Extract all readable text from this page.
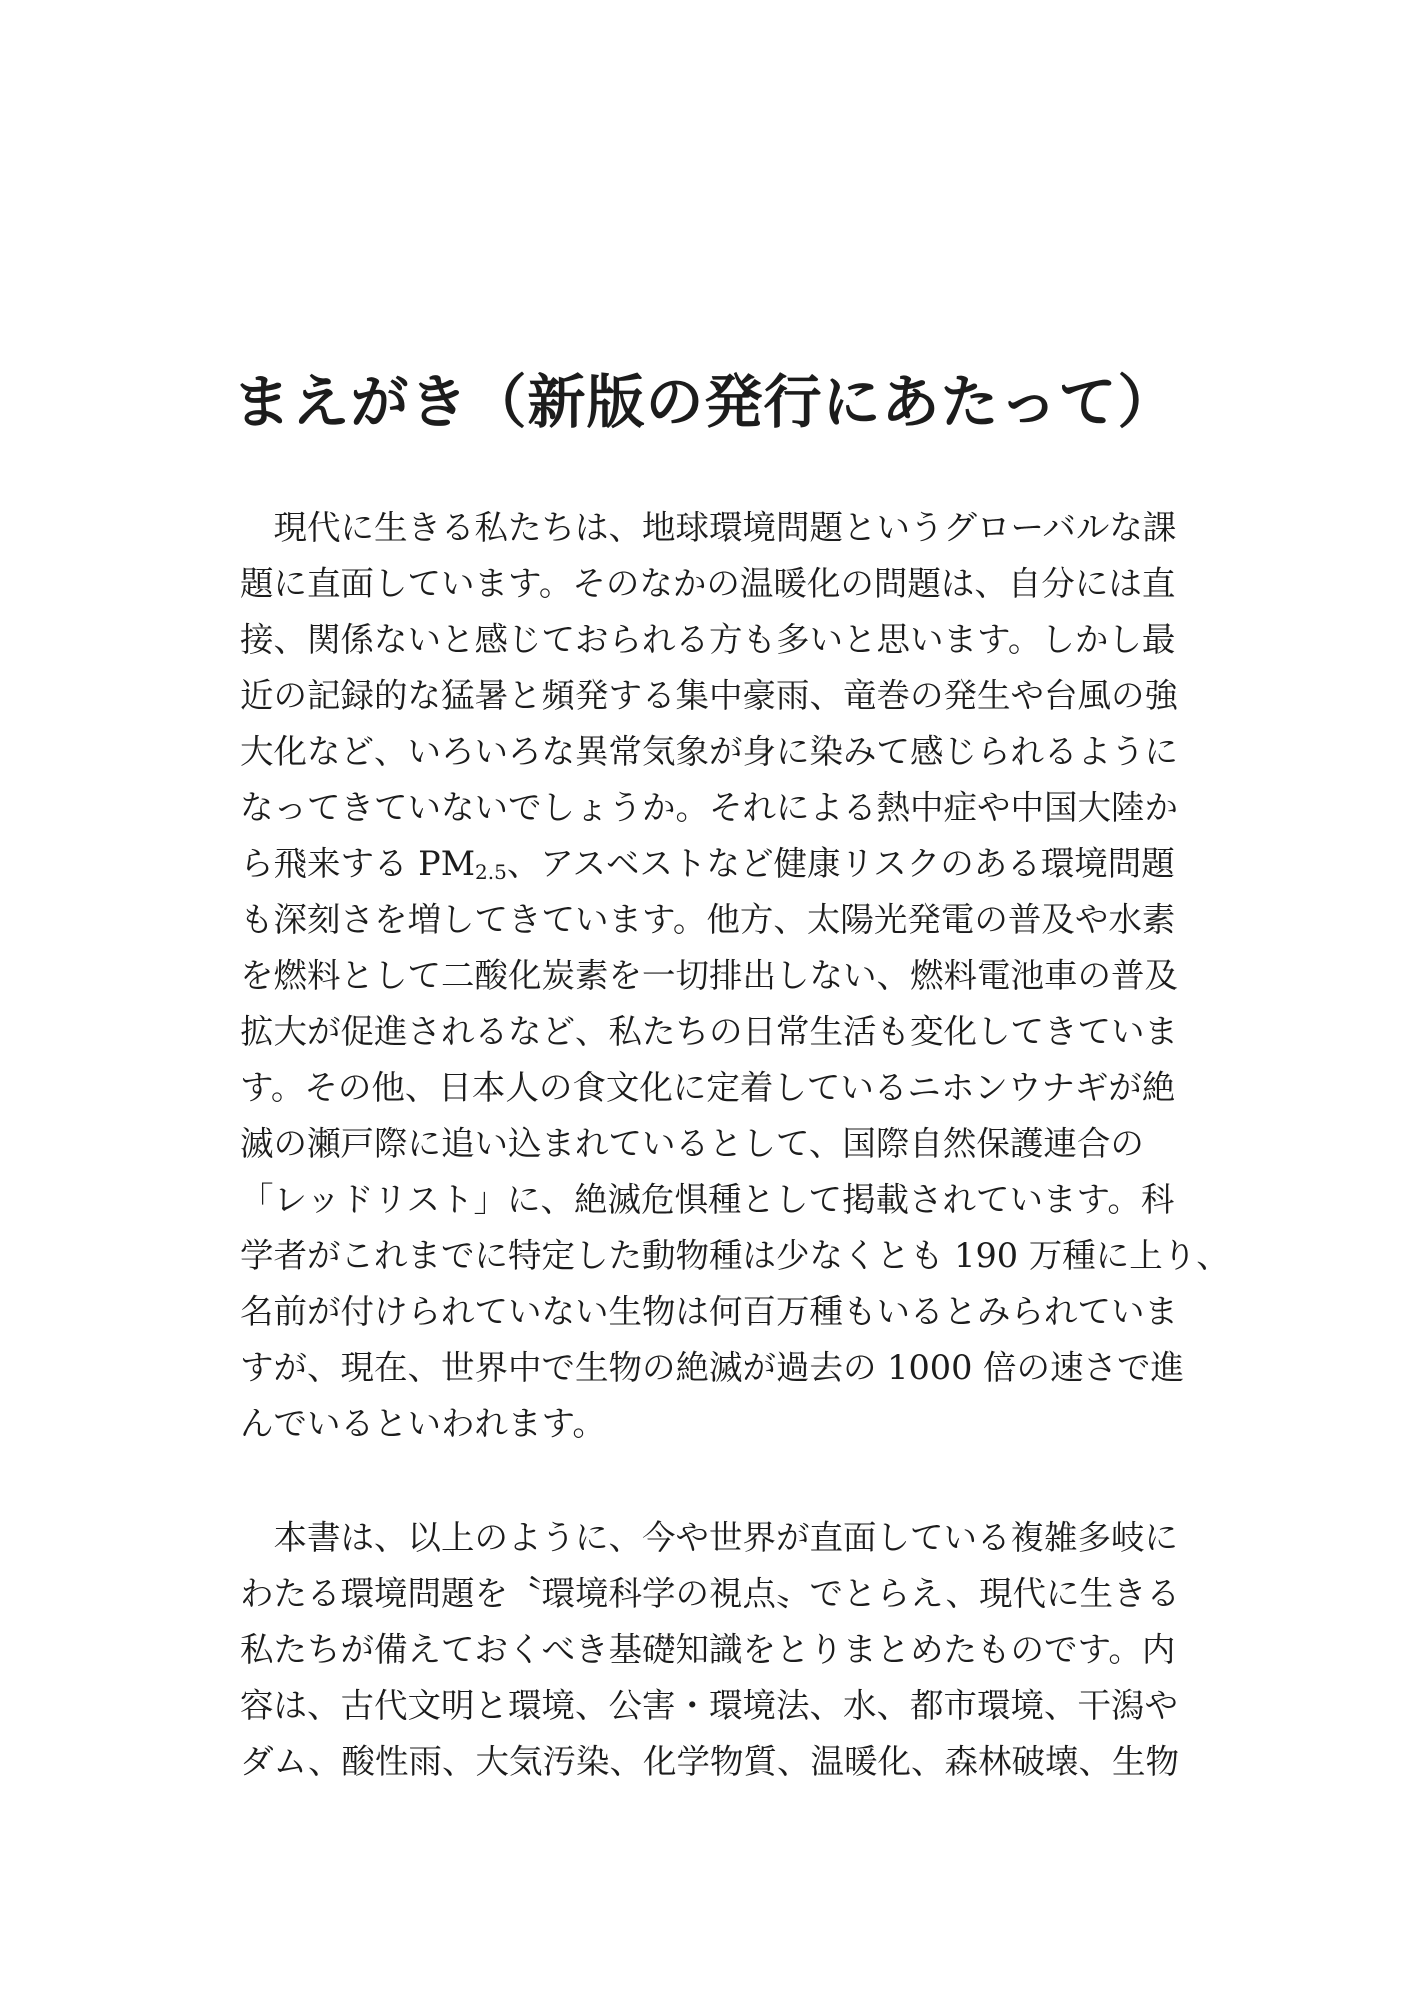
まえがき（新版の発行にあたって）
　現代に生きる私たちは、地球環境問題というグローバルな課
題に直面しています。そのなかの温暖化の問題は、自分には直
接、関係ないと感じておられる方も多いと思います。しかし最
近の記録的な猛暑と頻発する集中豪雨、竜巻の発生や台風の強
大化など、いろいろな異常気象が身に染みて感じられるように
なってきていないでしょうか。それによる熱中症や中国大陸か
ら飛来する $PM_{2.5}$、アスベストなど健康リスクのある環境問題
も深刻さを増してきています。他方、太陽光発電の普及や水素
を燃料として二酸化炭素を一切排出しない、燃料電池車の普及
拡大が促進されるなど、私たちの日常生活も変化してきていま
す。その他、日本人の食文化に定着しているニホンウナギが絶
滅の瀬戸際に追い込まれているとして、国際自然保護連合の
「レッドリスト」に、絶滅危惧種として掲載されています。科
学者がこれまでに特定した動物種は少なくとも 190 万種に上り、
名前が付けられていない生物は何百万種もいるとみられていま
すが、現在、世界中で生物の絶滅が過去の 1000 倍の速さで進
んでいるといわれます。
　本書は、以上のように、今や世界が直面している複雑多岐に
わたる環境問題を〝環境科学の視点〟でとらえ、現代に生きる
私たちが備えておくべき基礎知識をとりまとめたものです。内
容は、古代文明と環境、公害・環境法、水、都市環境、干潟や
ダム、酸性雨、大気汚染、化学物質、温暖化、森林破壊、生物
